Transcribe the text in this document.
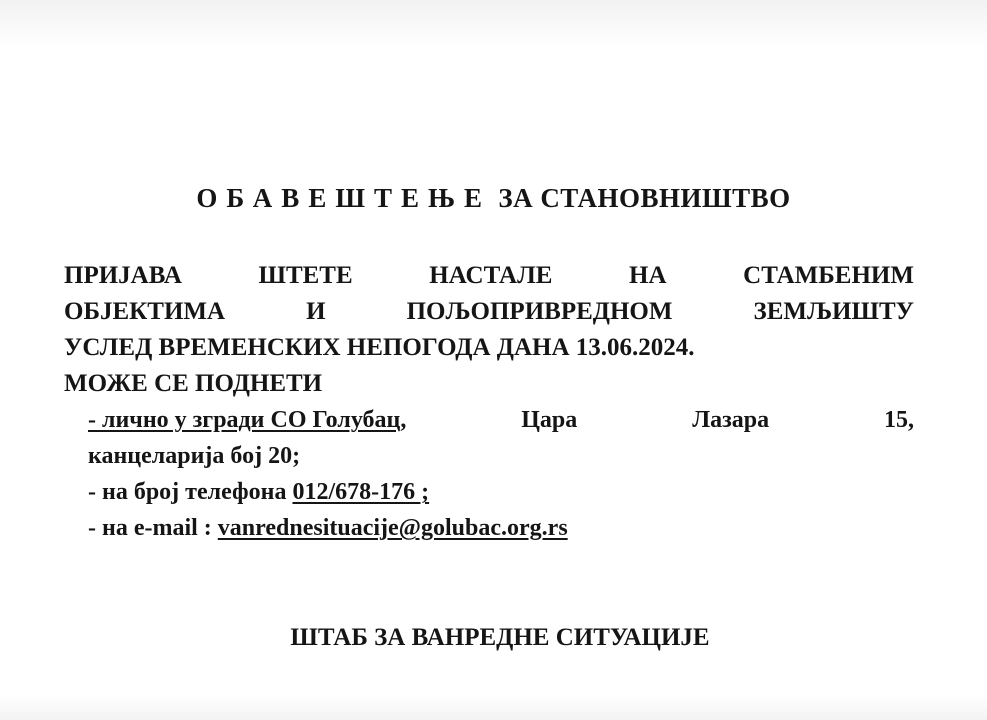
ОБАВЕШТЕЊЕ ЗА СТАНОВНИШТВО
ПРИЈАВА	ШТЕТЕ	НАСТАЛЕ	НА	СТАМБЕНИМ
ОБЈЕКТИМА	И	ПОЉОПРИВРЕДНОМ	ЗЕМЉИШТУ
УСЛЕД ВРЕМЕНСКИХ НЕПОГОДА ДАНА 13.06.2024.
МОЖЕ СЕ ПОДНЕТИ
- лично у згради СО Голубац,	Цара	Лазара	15,
канцеларија бој 20;
- на број телефона 012/678-176 ;
- на e-mail : vanrednesituacije@golubac.org.rs
ШТАБ ЗА ВАНРЕДНЕ СИТУАЦИЈЕ
